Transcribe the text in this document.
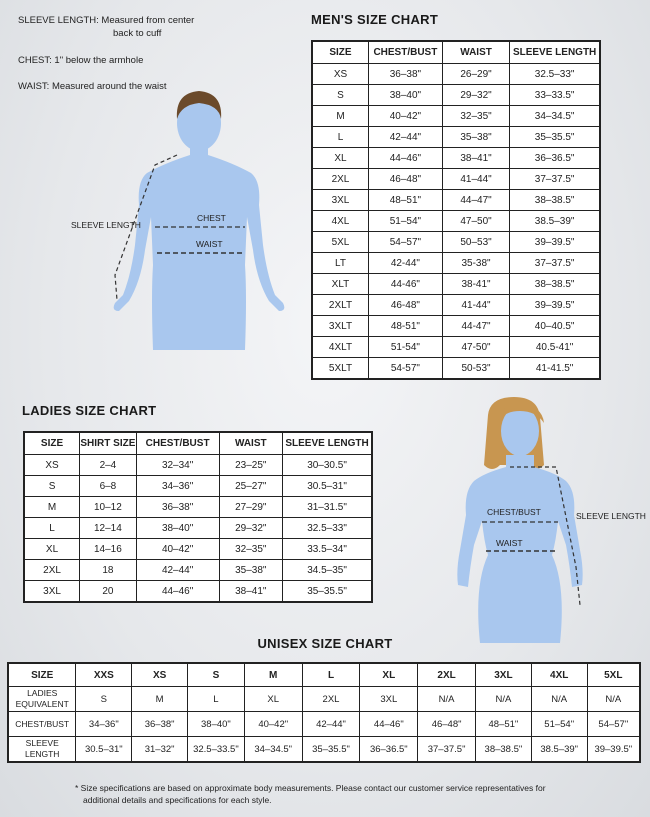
SLEEVE LENGTH: Measured from center
back to cuff
CHEST: 1" below the armhole
WAIST: Measured around the waist
SLEEVE LENGTH
CHEST
WAIST
MEN'S SIZE CHART
SIZE	CHEST/BUST	WAIST	SLEEVE LENGTH
XS	36–38"	26–29"	32.5–33"
S	38–40"	29–32"	33–33.5"
M	40–42"	32–35"	34–34.5"
L	42–44"	35–38"	35–35.5"
XL	44–46"	38–41"	36–36.5"
2XL	46–48"	41–44"	37–37.5"
3XL	48–51"	44–47"	38–38.5"
4XL	51–54"	47–50"	38.5–39"
5XL	54–57"	50–53"	39–39.5"
LT	42-44"	35-38"	37–37.5"
XLT	44-46"	38-41"	38–38.5"
2XLT	46-48"	41-44"	39–39.5"
3XLT	48-51"	44-47"	40–40.5"
4XLT	51-54"	47-50"	40.5-41"
5XLT	54-57"	50-53"	41-41.5"
LADIES SIZE CHART
SIZE	SHIRT SIZE	CHEST/BUST	WAIST	SLEEVE LENGTH
XS	2–4	32–34"	23–25"	30–30.5"
S	6–8	34–36"	25–27"	30.5–31"
M	10–12	36–38"	27–29"	31–31.5"
L	12–14	38–40"	29–32"	32.5–33"
XL	14–16	40–42"	32–35"	33.5–34"
2XL	18	42–44"	35–38"	34.5–35"
3XL	20	44–46"	38–41"	35–35.5"
SLEEVE LENGTH
CHEST/BUST
WAIST
UNISEX SIZE CHART
SIZE	XXS	XS	S	M	L	XL	2XL	3XL	4XL	5XL
LADIES EQUIVALENT	S	M	L	XL	2XL	3XL	N/A	N/A	N/A	N/A
CHEST/BUST	34–36"	36–38"	38–40"	40–42"	42–44"	44–46"	46–48"	48–51"	51–54"	54–57"
SLEEVE LENGTH	30.5–31"	31–32"	32.5–33.5"	34–34.5"	35–35.5"	36–36.5"	37–37.5"	38–38.5"	38.5–39"	39–39.5"
* Size specifications are based on approximate body measurements. Please contact our customer service representatives for
additional details and specifications for each style.
